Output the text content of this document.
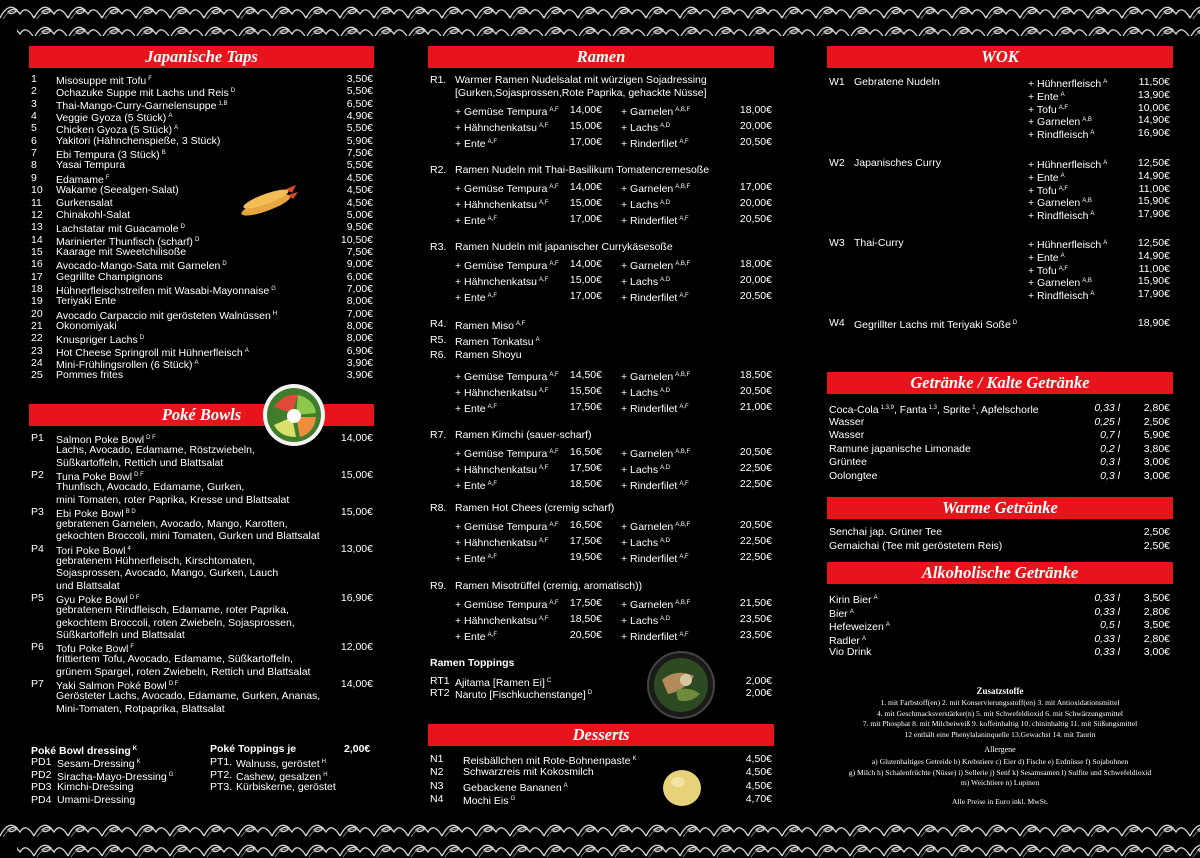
Japanische Taps
1 Misosuppe mit Tofu $^F$	3,50€
2 Ochazuke Suppe mit Lachs und Reis $^D$	5,50€
3 Thai-Mango-Curry-Garnelensuppe $^{1,B}$	6,50€
4 Veggie Gyoza (5 Stück) $^A$	4,90€
5 Chicken Gyoza (5 Stück) $^A$	5,50€
6 Yakitori (Hähnchenspieße, 3 Stück)	5,90€
7 Ebi Tempura (3 Stück) $^B$	7,50€
8 Yasai Tempura	5,50€
9 Edamame $^F$	4,50€
10 Wakame (Seealgen-Salat)	4,50€
11 Gurkensalat	4,50€
12 Chinakohl-Salat	5,00€
13 Lachstatar mit Guacamole $^D$	9,50€
14 Marinierter Thunfisch (scharf) $^D$	10,50€
15 Kaarage mit Sweetchilisoße	7,50€
16 Avocado-Mango-Sata mit Garnelen $^D$	9,00€
17 Gegrillte Champignons	6,00€
18 Hühnerfleischstreifen mit Wasabi-Mayonnaise $^G$	7,00€
19 Teriyaki Ente	8,00€
20 Avocado Carpaccio mit gerösteten Walnüssen $^H$	7,00€
21 Okonomiyaki	8,00€
22 Knuspriger Lachs $^D$	8,00€
23 Hot Cheese Springroll mit Hühnerfleisch $^A$	6,90€
24 Mini-Frühlingsrollen (6 Stück) $^A$	3,90€
25 Pommes frites	3,90€
Poké Bowls
P1 Salmon Poke Bowl $^{D F}$	14,00€
Lachs, Avocado, Edamame, Röstzwiebeln,
Süßkartoffeln, Rettich und Blattsalat
P2 Tuna Poke Bowl $^{D F}$	15,00€
Thunfisch, Avocado, Edamame, Gurken,
mini Tomaten, roter Paprika, Kresse und Blattsalat
P3 Ebi Poke Bowl $^{B D}$	15,00€
gebratenen Garnelen, Avocado, Mango, Karotten,
gekochten Broccoli, mini Tomaten, Gurken und Blattsalat
P4 Tori Poke Bowl $^4$	13,00€
gebratenem Hühnerfleisch, Kirschtomaten,
Sojasprossen, Avocado, Mango, Gurken, Lauch
und Blattsalat
P5 Gyu Poke Bowl $^{D F}$	16,90€
gebratenem Rindfleisch, Edamame, roter Paprika,
gekochtem Broccoli, roten Zwiebeln, Sojasprossen,
Süßkartoffeln und Blattsalat
P6 Tofu Poke Bowl $^F$	12,00€
frittiertem Tofu, Avocado, Edamame, Süßkartoffeln,
grünem Spargel, roten Zwiebeln, Rettich und Blattsalat
P7 Yaki Salmon Poké Bowl $^{D F}$	14,00€
Gerösteter Lachs, Avocado, Edamame, Gurken, Ananas,
Mini-Tomaten, Rotpaprika, Blattsalat
Poké Bowl dressing $^K$
PD1 Sesam-Dressing $^K$
PD2 Siracha-Mayo-Dressing $^G$
PD3 Kimchi-Dressing
PD4 Umami-Dressing
Poké Toppings je	2,00€
PT1. Walnuss, geröstet $^H$
PT2. Cashew, gesalzen $^H$
PT3. Kürbiskerne, geröstet
Ramen
R1. Warmer Ramen Nudelsalat mit würzigen Sojadressing
[Gurken,Sojasprossen,Rote Paprika, gehackte Nüsse]
+ Gemüse Tempura $^{A,F}$	14,00€ + Garnelen $^{A,B,F}$	18,00€
+ Hähnchenkatsu $^{A,F}$	15,00€ + Lachs $^{A,D}$	20,00€
+ Ente $^{A,F}$	17,00€ + Rinderfilet $^{A,F}$	20,50€
R2. Ramen Nudeln mit Thai-Basilikum Tomatencremesoße
+ Gemüse Tempura $^{A,F}$	14,00€ + Garnelen $^{A,B,F}$	17,00€
+ Hähnchenkatsu $^{A,F}$	15,00€ + Lachs $^{A,D}$	20,00€
+ Ente $^{A,F}$	17,00€ + Rinderfilet $^{A,F}$	20,50€
R3. Ramen Nudeln mit japanischer Currykäsesoße
+ Gemüse Tempura $^{A,F}$	14,00€ + Garnelen $^{A,B,F}$	18,00€
+ Hähnchenkatsu $^{A,F}$	15,00€ + Lachs $^{A,D}$	20,00€
+ Ente $^{A,F}$	17,00€ + Rinderfilet $^{A,F}$	20,50€
R4. Ramen Miso $^{A,F}$
R5. Ramen Tonkatsu $^A$
R6. Ramen Shoyu
+ Gemüse Tempura $^{A,F}$	14,50€ + Garnelen $^{A,B,F}$	18,50€
+ Hähnchenkatsu $^{A,F}$	15,50€ + Lachs $^{A,D}$	20,50€
+ Ente $^{A,F}$	17,50€ + Rinderfilet $^{A,F}$	21,00€
R7. Ramen Kimchi (sauer-scharf)
+ Gemüse Tempura $^{A,F}$	16,50€ + Garnelen $^{A,B,F}$	20,50€
+ Hähnchenkatsu $^{A,F}$	17,50€ + Lachs $^{A,D}$	22,50€
+ Ente $^{A,F}$	18,50€ + Rinderfilet $^{A,F}$	22,50€
R8. Ramen Hot Chees (cremig scharf)
+ Gemüse Tempura $^{A,F}$	16,50€ + Garnelen $^{A,B,F}$	20,50€
+ Hähnchenkatsu $^{A,F}$	17,50€ + Lachs $^{A,D}$	22,50€
+ Ente $^{A,F}$	19,50€ + Rinderfilet $^{A,F}$	22,50€
R9. Ramen Misotrüffel (cremig, aromatisch))
+ Gemüse Tempura $^{A,F}$	17,50€ + Garnelen $^{A,B,F}$	21,50€
+ Hähnchenkatsu $^{A,F}$	18,50€ + Lachs $^{A,D}$	23,50€
+ Ente $^{A,F}$	20,50€ + Rinderfilet $^{A,F}$	23,50€
Ramen Toppings
RT1 Ajitama [Ramen Ei] $^C$	2,00€
RT2 Naruto [Fischkuchenstange] $^D$	2,00€
Desserts
N1 Reisbällchen mit Rote-Bohnenpaste $^K$	4,50€
N2 Schwarzreis mit Kokosmilch	4,50€
N3 Gebackene Bananen $^A$	4,50€
N4 Mochi Eis $^G$	4,70€
WOK
W1 Gebratene Nudeln	+ Hühnerfleisch $^A$	11,50€
+ Ente $^A$	13,90€
+ Tofu $^{A,F}$	10,00€
+ Garnelen $^{A,B}$	14,90€
+ Rindfleisch $^A$	16,90€
W2 Japanisches Curry	+ Hühnerfleisch $^A$	12,50€
+ Ente $^A$	14,90€
+ Tofu $^{A,F}$	11,00€
+ Garnelen $^{A,B}$	15,90€
+ Rindfleisch $^A$	17,90€
W3 Thai-Curry	+ Hühnerfleisch $^A$	12,50€
+ Ente $^A$	14,90€
+ Tofu $^{A,F}$	11,00€
+ Garnelen $^{A,B}$	15,90€
+ Rindfleisch $^A$	17,90€
W4 Gegrillter Lachs mit Teriyaki Soße $^D$	18,90€
Getränke / Kalte Getränke
Coca-Cola $^{1,3,9}$, Fanta $^{1,3}$, Sprite $^1$, Apfelschorle	0,33 l	2,80€
Wasser	0,25 l	2,50€
Wasser	0,7 l	5,90€
Ramune japanische Limonade	0,2 l	3,80€
Grüntee	0,3 l	3,00€
Oolongtee	0,3 l	3,00€
Warme Getränke
Senchai jap. Grüner Tee	2,50€
Gemaichai (Tee mit geröstetem Reis)	2,50€
Alkoholische Getränke
Kirin Bier $^A$	0,33 l	3,50€
Bier $^A$	0,33 l	2,80€
Hefeweizen $^A$	0,5 l	3,50€
Radler $^A$	0,33 l	2,80€
Vio Drink	0,33 l	3,00€
Zusatzstoffe
1. mit Farbstoff(en) 2. mit Konservierungsstoff(en) 3. mit Antioxidationsmittel
4. mit Geschmacksverstärker(n) 5. mit Schwefeldioxid 6. mit Schwärzungsmittel
7. mit Phosphat 8. mit Milcheiweiß 9. koffeinhaltig 10. chininhaltig 11. mit Süßungsmittel
12 enthält eine Phenylalaninquelle 13.Gewachst 14. mit Taurin
Allergene
a) Glutenhaltiges Getreide b) Krebstiere c) Eier d) Fische e) Erdnüsse f) Sojabohnen
g) Milch h) Schalenfrüchte (Nüsse) i) Sellerie j) Senf k) Sesamsamen l) Sulfite und Schwefeldioxid
m) Weichtiere n) Lupinen
Alle Preise in Euro inkl. MwSt.
